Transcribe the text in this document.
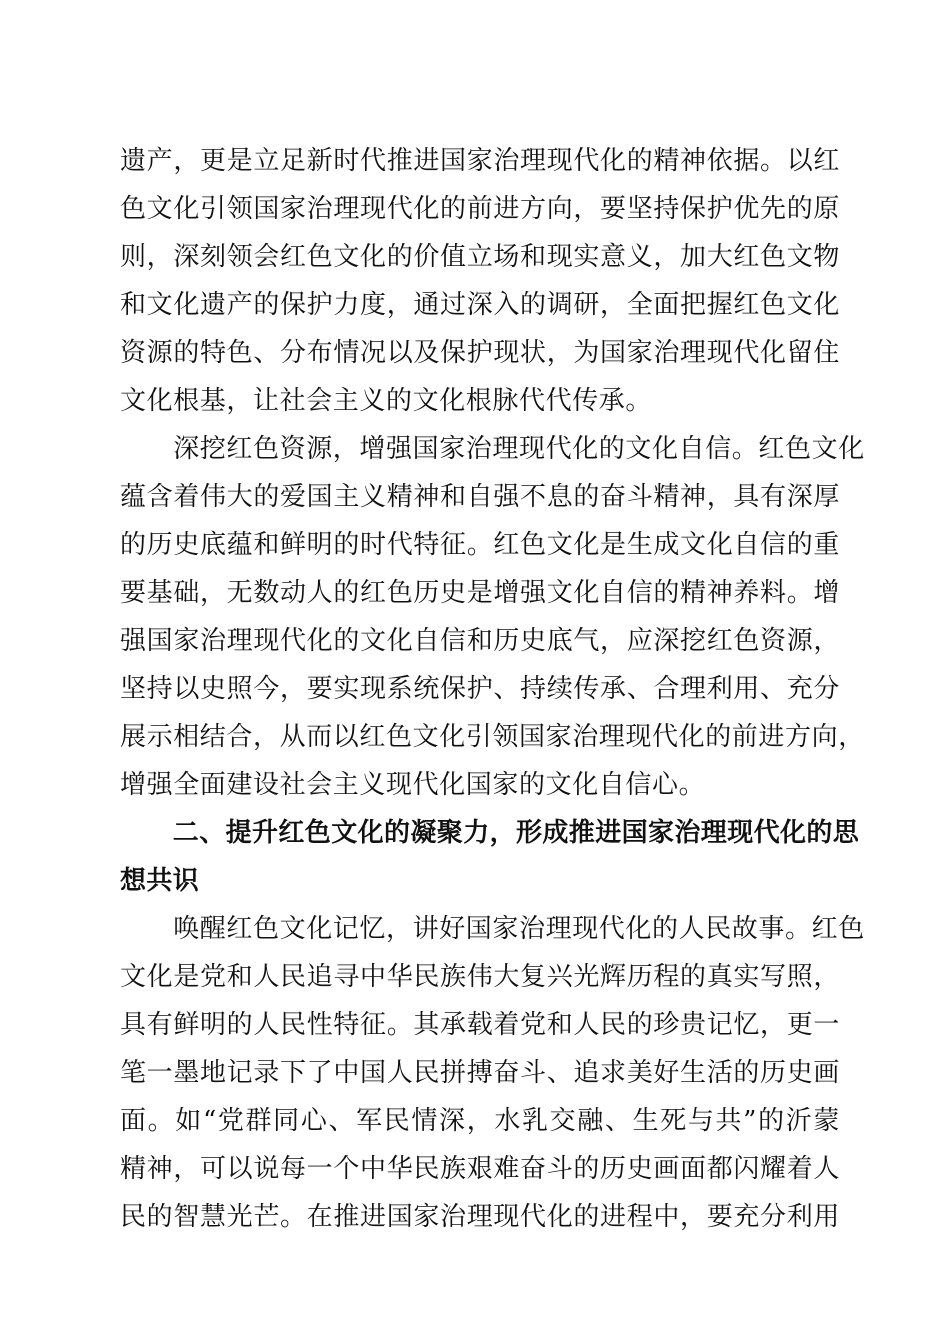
遗产，更是立足新时代推进国家治理现代化的精神依据。以红
色文化引领国家治理现代化的前进方向，要坚持保护优先的原
则，深刻领会红色文化的价值立场和现实意义，加大红色文物
和文化遗产的保护力度，通过深入的调研，全面把握红色文化
资源的特色、分布情况以及保护现状，为国家治理现代化留住
文化根基，让社会主义的文化根脉代代传承。
　　深挖红色资源，增强国家治理现代化的文化自信。红色文化
蕴含着伟大的爱国主义精神和自强不息的奋斗精神，具有深厚
的历史底蕴和鲜明的时代特征。红色文化是生成文化自信的重
要基础，无数动人的红色历史是增强文化自信的精神养料。增
强国家治理现代化的文化自信和历史底气，应深挖红色资源，
坚持以史照今，要实现系统保护、持续传承、合理利用、充分
展示相结合，从而以红色文化引领国家治理现代化的前进方向，
增强全面建设社会主义现代化国家的文化自信心。
　　二、提升红色文化的凝聚力，形成推进国家治理现代化的思
想共识
　　唤醒红色文化记忆，讲好国家治理现代化的人民故事。红色
文化是党和人民追寻中华民族伟大复兴光辉历程的真实写照，
具有鲜明的人民性特征。其承载着党和人民的珍贵记忆，更一
笔一墨地记录下了中国人民拼搏奋斗、追求美好生活的历史画
面。如“党群同心、军民情深，水乳交融、生死与共”的沂蒙
精神，可以说每一个中华民族艰难奋斗的历史画面都闪耀着人
民的智慧光芒。在推进国家治理现代化的进程中，要充分利用
